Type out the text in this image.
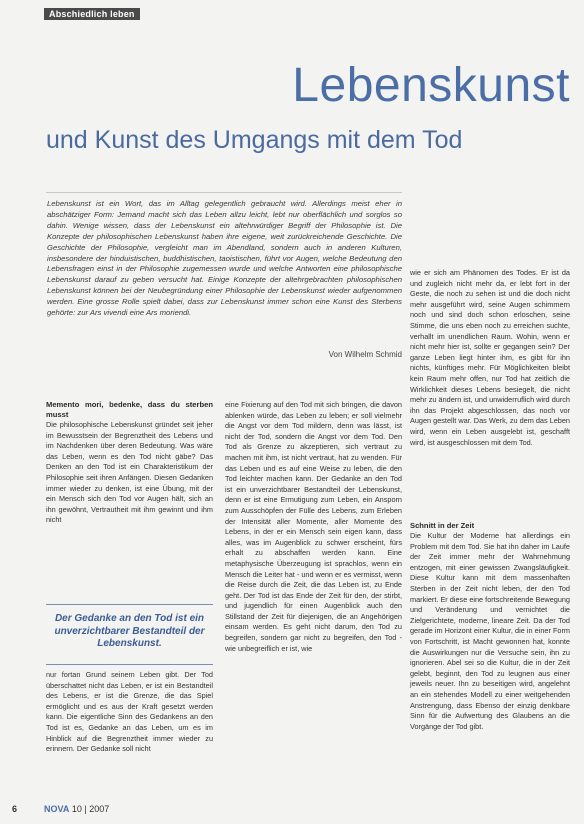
Abschiedlich leben
Lebenskunst
und Kunst des Umgangs mit dem Tod
Lebenskunst ist ein Wort, das im Alltag gelegentlich gebraucht wird. Allerdings meist eher in abschätziger Form: Jemand macht sich das Leben allzu leicht, lebt nur oberflächlich und sorglos so dahin. Wenige wissen, dass der Lebenskunst ein altehrwürdiger Begriff der Philosophie ist. Die Konzepte der philosophischen Lebenskunst haben ihre eigene, weit zurückreichende Geschichte. Die Geschichte der Philosophie, vergleicht man im Abendland, sondern auch in anderen Kulturen, insbesondere der hinduistischen, buddhistischen, taoistischen, führt vor Augen, welche Bedeutung den Lebensfragen einst in der Philosophie zugemessen wurde und welche Antworten eine philosophische Lebenskunst darauf zu geben versucht hat. Einige Konzepte der altehrgebrachten philosophischen Lebenskunst können bei der Neubegründung einer Philosophie der Lebenskunst wieder aufgenommen werden. Eine grosse Rolle spielt dabei, dass zur Lebenskunst immer schon eine Kunst des Sterbens gehörte: zur Ars vivendi eine Ars moriendi.
Von Wilhelm Schmid
Memento mori, bedenke, dass du sterben musst

Die philosophische Lebenskunst gründet seit jeher im Bewusstsein der Begrenztheit des Lebens und im Nachdenken über deren Bedeutung. Was wäre das Leben, wenn es den Tod nicht gäbe? Das Denken an den Tod ist ein Charakteristikum der Philosophie seit ihren Anfängen. Diesen Gedanken immer wieder zu denken, ist eine Übung, mit der ein Mensch sich den Tod vor Augen hält, sich an ihn gewöhnt, Vertrautheit mit ihm gewinnt und ihm nicht

Der Gedanke an den Tod ist ein unverzichtbarer Bestandteil der Lebenskunst.

nur fortan Grund seinem Leben gibt. Der Tod überschattet nicht das Leben, er ist ein Bestandteil des Lebens, er ist die Grenze, die das Spiel ermöglicht und es aus der Kraft gesetzt werden kann. Die eigentliche Sinn des Gedankens an den Tod ist es, Gedanke an das Leben, um es im Hinblick auf die Begrenztheit immer wieder zu erinnern. Der Gedanke soll nicht

eine Fixierung auf den Tod mit sich bringen, die davon ablenken würde, das Leben zu leben; er soll vielmehr die Angst vor dem Tod mildern, denn was lässt, ist nicht der Tod, sondern die Angst vor dem Tod. Den Tod als Grenze zu akzeptieren, sich vertraut zu machen mit ihm, ist nicht vertraut, hat zu wenden. Für das Leben und es auf eine Weise zu leben, die den Tod leichter machen kann. Der Gedanke an den Tod ist ein unverzichtbarer Bestandteil der Lebenskunst, denn er ist eine Ermutigung zum Leben, ein Ansporn zum Ausschöpfen der Fülle des Lebens, zum Erleben der Intensität aller Momente, aller Momente des Lebens, in der er ein Mensch sein eigen kann, dass alles, was im Augenblick zu schwer erscheint, fürs erhalt zu abschaffen werden kann. Eine metaphysische Überzeugung ist sprachlos, wenn ein Mensch die Leiter hat - und wenn er es vermisst, wenn die Reise durch die Zeit, die das Leben ist, zu Ende geht. Der Tod ist das Ende der Zeit für den, der stirbt, und jugendlich für einen Augenblick auch den Stillstand der Zeit für diejenigen, die an Angehörigen einsam werden. Es geht nicht darum, den Tod zu begreifen, sondern gar nicht zu begreifen, den Tod - wie unbegreiflich er ist, wie

wie er sich am Phänomen des Todes. Er ist da und zugleich nicht mehr da, er lebt fort in der Geste, die noch zu sehen ist und die doch nicht mehr ausgeführt wird, seine Augen schimmern noch und sind doch schon erloschen, seine Stimme, die uns eben noch zu erreichen suchte, verhallt im unendlichen Raum. Wohin, wenn er nicht mehr hier ist, sollte er gegangen sein? Der ganze Leben liegt hinter ihm, es gibt für ihn nichts, künftiges mehr. Für Möglichkeiten bleibt kein Raum mehr offen, nur Tod hat zeitlich die Wirklichkeit dieses Lebens besiegelt, die nicht mehr zu ändern ist, und unwiderruflich wird durch ihn das Projekt abgeschlossen, das noch vor Augen gestellt war. Das Werk, zu dem das Leben wird, wenn ein Leben ausgelebt ist, geschafft wird, ist ausgeschlossen mit dem Tod.

Schnitt in der Zeit

Die Kultur der Moderne hat allerdings ein Problem mit dem Tod. Sie hat ihn daher im Laufe der Zeit immer mehr der Wahrnehmung entzogen, mit einer gewissen Zwangsläufigkeit. Diese Kultur kann mit dem massenhaften Sterben in der Zeit nicht leben, der den Tod markiert. Er diese eine fortschreitende Bewegung und Veränderung und vernichtet die Zielgerichtete, moderne, lineare Zeit. Da der Tod gerade im Horizont einer Kultur, die in einer Form von Fortschritt, ist Macht gewonnen hat, konnte die Auswirkungen nur die Versuche sein, ihn zu ignorieren. Abel sei so die Kultur, die in der Zeit gelebt, beginnt, den Tod zu leugnen aus einer jeweils neuer. Ihn zu beseitigen wird, angelehnt an ein stehendes Modell zu einer weitgehenden Anstrengung, dass Ebenso der einzig denkbare Sinn für die Aufwertung des Glaubens an die Vorgänge der Tod gibt.

6	NOVA 10 | 2007
